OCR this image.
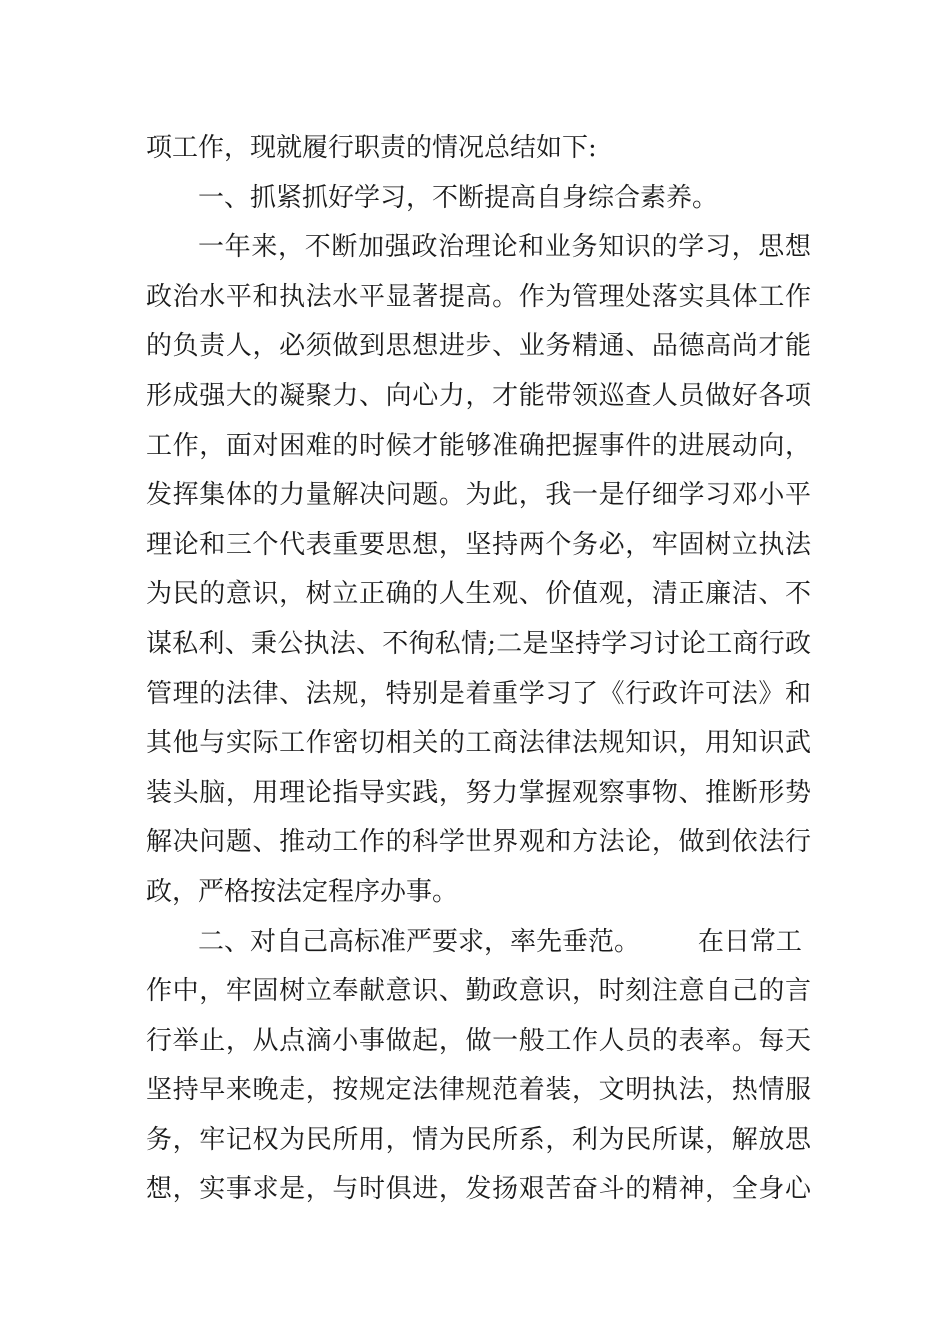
项工作，现就履行职责的情况总结如下:
一、抓紧抓好学习，不断提高自身综合素养。
一年来，不断加强政治理论和业务知识的学习，思想
政治水平和执法水平显著提高。作为管理处落实具体工作
的负责人，必须做到思想进步、业务精通、品德高尚才能
形成强大的凝聚力、向心力，才能带领巡查人员做好各项
工作，面对困难的时候才能够准确把握事件的进展动向，
发挥集体的力量解决问题。为此，我一是仔细学习邓小平
理论和三个代表重要思想，坚持两个务必，牢固树立执法
为民的意识，树立正确的人生观、价值观，清正廉洁、不
谋私利、秉公执法、不徇私情;二是坚持学习讨论工商行政
管理的法律、法规，特别是着重学习了《行政许可法》和
其他与实际工作密切相关的工商法律法规知识，用知识武
装头脑，用理论指导实践，努力掌握观察事物、推断形势
解决问题、推动工作的科学世界观和方法论，做到依法行
政，严格按法定程序办事。
二、对自己高标准严要求，率先垂范。       在日常工
作中，牢固树立奉献意识、勤政意识，时刻注意自己的言
行举止，从点滴小事做起，做一般工作人员的表率。每天
坚持早来晚走，按规定法律规范着装，文明执法，热情服
务，牢记权为民所用，情为民所系，利为民所谋，解放思
想，实事求是，与时俱进，发扬艰苦奋斗的精神，全身心
